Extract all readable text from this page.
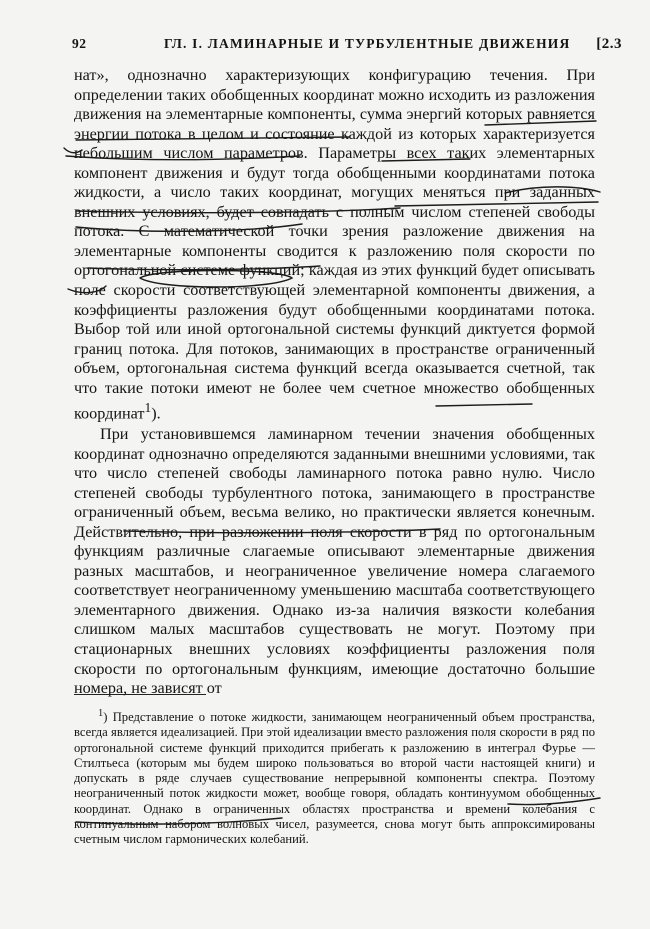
92	ГЛ. I. ЛАМИНАРНЫЕ И ТУРБУЛЕНТНЫЕ ДВИЖЕНИЯ [2.3

нат», однозначно характеризующих конфигурацию течения. При определении таких обобщенных координат можно исходить из разложения движения на элементарные компоненты, сумма энергий которых равняется энергии потока в целом и состояние каждой из которых характеризуется небольшим числом параметров. Параметры всех таких элементарных компонент движения и будут тогда обобщенными координатами потока жидкости, а число таких координат, могущих меняться при заданных внешних условиях, будет совпадать с полным числом степеней свободы потока. С математической точки зрения разложение движения на элементарные компоненты сводится к разложению поля скорости по ортогональной системе функций; каждая из этих функций будет описывать поле скорости соответствующей элементарной компоненты движения, а коэффициенты разложения будут обобщенными координатами потока. Выбор той или иной ортогональной системы функций диктуется формой границ потока. Для потоков, занимающих в пространстве ограниченный объем, ортогональная система функций всегда оказывается счетной, так что такие потоки имеют не более чем счетное множество обобщенных координат$^1$).

При установившемся ламинарном течении значения обобщенных координат однозначно определяются заданными внешними условиями, так что число степеней свободы ламинарного потока равно нулю. Число степеней свободы турбулентного потока, занимающего в пространстве ограниченный объем, весьма велико, но практически является конечным. Действительно, при разложении поля скорости в ряд по ортогональным функциям различные слагаемые описывают элементарные движения разных масштабов, и неограниченное увеличение номера слагаемого соответствует неограниченному уменьшению масштаба соответствующего элементарного движения. Однако из-за наличия вязкости колебания слишком малых масштабов существовать не могут. Поэтому при стационарных внешних условиях коэффициенты разложения поля скорости по ортогональным функциям, имеющие достаточно большие номера, не зависят от

$^1$) Представление о потоке жидкости, занимающем неограниченный объем пространства, всегда является идеализацией. При этой идеализации вместо разложения поля скорости в ряд по ортогональной системе функций приходится прибегать к разложению в интеграл Фурье — Стилтьеса (которым мы будем широко пользоваться во второй части настоящей книги) и допускать в ряде случаев существование непрерывной компоненты спектра. Поэтому неограниченный поток жидкости может, вообще говоря, обладать континуумом обобщенных координат. Однако в ограниченных областях пространства и времени колебания с континуальным набором волновых чисел, разумеется, снова могут быть аппроксимированы счетным числом гармонических колебаний.
